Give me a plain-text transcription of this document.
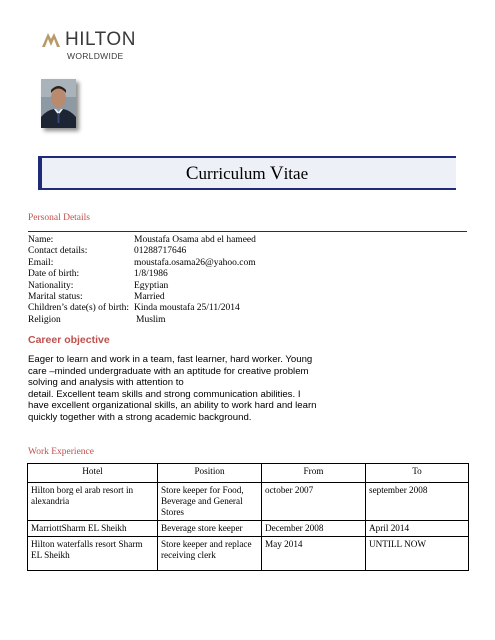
HILTON
WORLDWIDE
Curriculum Vitae
Personal Details
Name:	Moustafa Osama abd el hameed
Contact details:	01288717646
Email:	moustafa.osama26@yahoo.com
Date of birth:	1/8/1986
Nationality:	Egyptian
Marital status:	Married
Children’s date(s) of birth: Kinda moustafa 25/11/2014
Religion	Muslim
Career objective
Eager to learn and work in a team, fast learner, hard worker. Young
care –minded undergraduate with an aptitude for creative problem
solving and analysis with attention to
detail. Excellent team skills and strong communication abilities. I
have excellent organizational skills, an ability to work hard and learn
quickly together with a strong academic background.
Work Experience
Hotel	Position	From	To
Hilton borg el arab resort in alexandria	Store keeper for Food, Beverage and General Stores	october 2007	september 2008
MarriottSharm EL Sheikh	Beverage store keeper	December 2008	April 2014
Hilton waterfalls resort Sharm EL Sheikh	Store keeper and replace receiving clerk	May 2014	UNTILL NOW
